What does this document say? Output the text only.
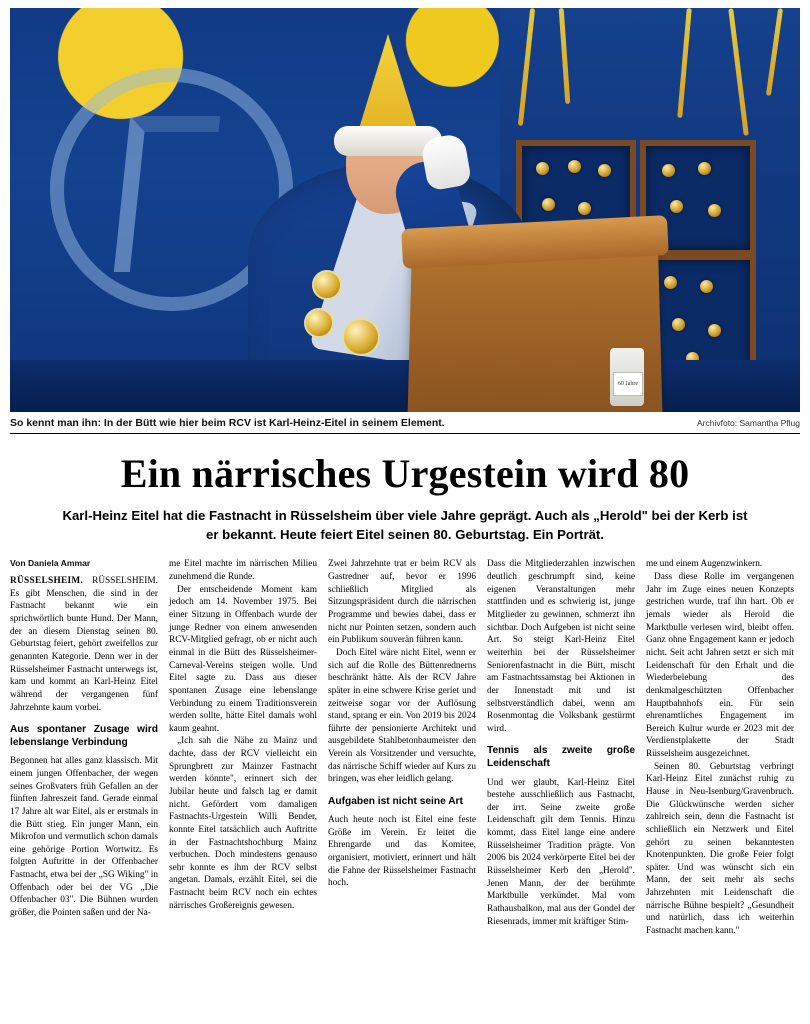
60 Jahre
So kennt man ihn: In der Bütt wie hier beim RCV ist Karl-Heinz-Eitel in seinem Element.	Archivfoto: Samantha Pflug
Ein närrisches Urgestein wird 80
Karl-Heinz Eitel hat die Fastnacht in Rüsselsheim über viele Jahre geprägt. Auch als „Herold" bei der Kerb ist er bekannt. Heute feiert Eitel seinen 80. Geburtstag. Ein Porträt.
Von Daniela Ammar

RÜSSELSHEIM. RÜSSELSHEIM. Es gibt Menschen, die sind in der Fastnacht bekannt wie ein sprichwörtlich bunte Hund. Der Mann, der an diesem Dienstag seinen 80. Geburtstag feiert, gehört zweifellos zur genannten Kategorie. Denn wer in der Rüsselsheimer Fastnacht unterwegs ist, kam und kommt an Karl-Heinz Eitel während der vergangenen fünf Jahrzehnte kaum vorbei.

Aus spontaner Zusage wird lebenslange Verbindung

Begonnen hat alles ganz klassisch. Mit einem jungen Offenbacher, der wegen seines Großvaters früh Gefallen an der fünften Jahreszeit fand. Gerade einmal 17 Jahre alt war Eitel, als er erstmals in die Bütt stieg. Ein junger Mann, ein Mikrofon und vermutlich schon damals eine gehörige Portion Wortwitz. Es folgten Auftritte in der Offenbacher Fastnacht, etwa bei der „SG Wiking" in Offenbach oder bei der VG „Die Offenbacher 03". Die Bühnen wurden größer, die Pointen saßen und der Na-

me Eitel machte im närrischen Milieu zunehmend die Runde.

Der entscheidende Moment kam jedoch am 14. November 1975. Bei einer Sitzung in Offenbach wurde der junge Redner von einem anwesenden RCV-Mitglied gefragt, ob er nicht auch einmal in die Bütt des Rüsselsheimer-Carneval-Vereins steigen wolle. Und Eitel sagte zu. Dass aus dieser spontanen Zusage eine lebenslange Verbindung zu einem Traditionsverein werden sollte, hätte Eitel damals wohl kaum geahnt.

„Ich sah die Nähe zu Mainz und dachte, dass der RCV vielleicht ein Sprungbrett zur Mainzer Fastnacht werden könnte", erinnert sich der Jubilar heute und falsch lag er damit nicht. Gefördert vom damaligen Fastnachts-Urgestein Willi Bender, konnte Eitel tatsächlich auch Auftritte in der Fastnachtshochburg Mainz verbuchen. Doch mindestens genauso sehr konnte es ihm der RCV selbst angetan. Damals, erzählt Eitel, sei die Fastnacht beim RCV noch ein echtes närrisches Großereignis gewesen.

Zwei Jahrzehnte trat er beim RCV als Gastredner auf, bevor er 1996 schließlich Mitglied als Sitzungspräsident durch die närrischen Programme und bewies dabei, dass er nicht nur Pointen setzen, sondern auch ein Publikum souverän führen kann.

Doch Eitel wäre nicht Eitel, wenn er sich auf die Rolle des Büttenrednerns beschränkt hätte. Als der RCV Jahre später in eine schwere Krise geriet und zeitweise sogar vor der Auflösung stand, sprang er ein. Von 2019 bis 2024 führte der pensionierte Architekt und ausgebildete Stahlbetonbaumeister den Verein als Vorsitzender und versuchte, das närrische Schiff wieder auf Kurs zu bringen, was eher leidlich gelang.

Aufgaben ist nicht seine Art

Auch heute noch ist Eitel eine feste Größe im Verein. Er leitet die Ehrengarde und das Komitee, organisiert, motiviert, erinnert und hält die Fahne der Rüsselsheimer Fastnacht hoch.

Dass die Mitgliederzahlen inzwischen deutlich geschrumpft sind, keine eigenen Veranstaltungen mehr stattfinden und es schwierig ist, junge Mitglieder zu gewinnen, schmerzt ihn sichtbar. Doch Aufgeben ist nicht seine Art. So steigt Karl-Heinz Eitel weiterhin bei der Rüsselsheimer Seniorenfastnacht in die Bütt, mischt am Fastnachtssamstag bei Aktionen in der Innenstadt mit und ist selbstverständlich dabei, wenn am Rosenmontag die Volksbank gestürmt wird.

Tennis als zweite große Leidenschaft

Und wer glaubt, Karl-Heinz Eitel bestehe ausschließlich aus Fastnacht, der irrt. Seine zweite große Leidenschaft gilt dem Tennis. Hinzu kommt, dass Eitel lange eine andere Rüsselsheimer Tradition prägte. Von 2006 bis 2024 verkörperte Eitel bei der Rüsselsheimer Kerb den „Herold". Jenen Mann, der der berühmte Marktbulle verkündet. Mal vom Rathausbalkon, mal aus der Gondel der Riesenrads, immer mit kräftiger Stim-

me und einem Augenzwinkern.

Dass diese Rolle im vergangenen Jahr im Zuge eines neuen Konzepts gestrichen wurde, traf ihn hart. Ob er jemals wieder als Herold die Marktbulle verlesen wird, bleibt offen. Ganz ohne Engagement kann er jedoch nicht. Seit acht Jahren setzt er sich mit Leidenschaft für den Erhalt und die Wiederbelebung des denkmalgeschützten Offenbacher Hauptbahnhofs ein. Für sein ehrenamtliches Engagement im Bereich Kultur wurde er 2023 mit der Verdienstplakette der Stadt Rüsselsheim ausgezeichnet.

Seinen 80. Geburtstag verbringt Karl-Heinz Eitel zunächst ruhig zu Hause in Neu-Isenburg/Gravenbruch. Die Glückwünsche werden sicher zahlreich sein, denn die Fastnacht ist schließlich ein Netzwerk und Eitel gehört zu seinen bekanntesten Knotenpunkten. Die große Feier folgt später. Und was wünscht sich ein Mann, der seit mehr als sechs Jahrzehnten mit Leidenschaft die närrische Bühne bespielt? „Gesundheit und natürlich, dass ich weiterhin Fastnacht machen kann."
